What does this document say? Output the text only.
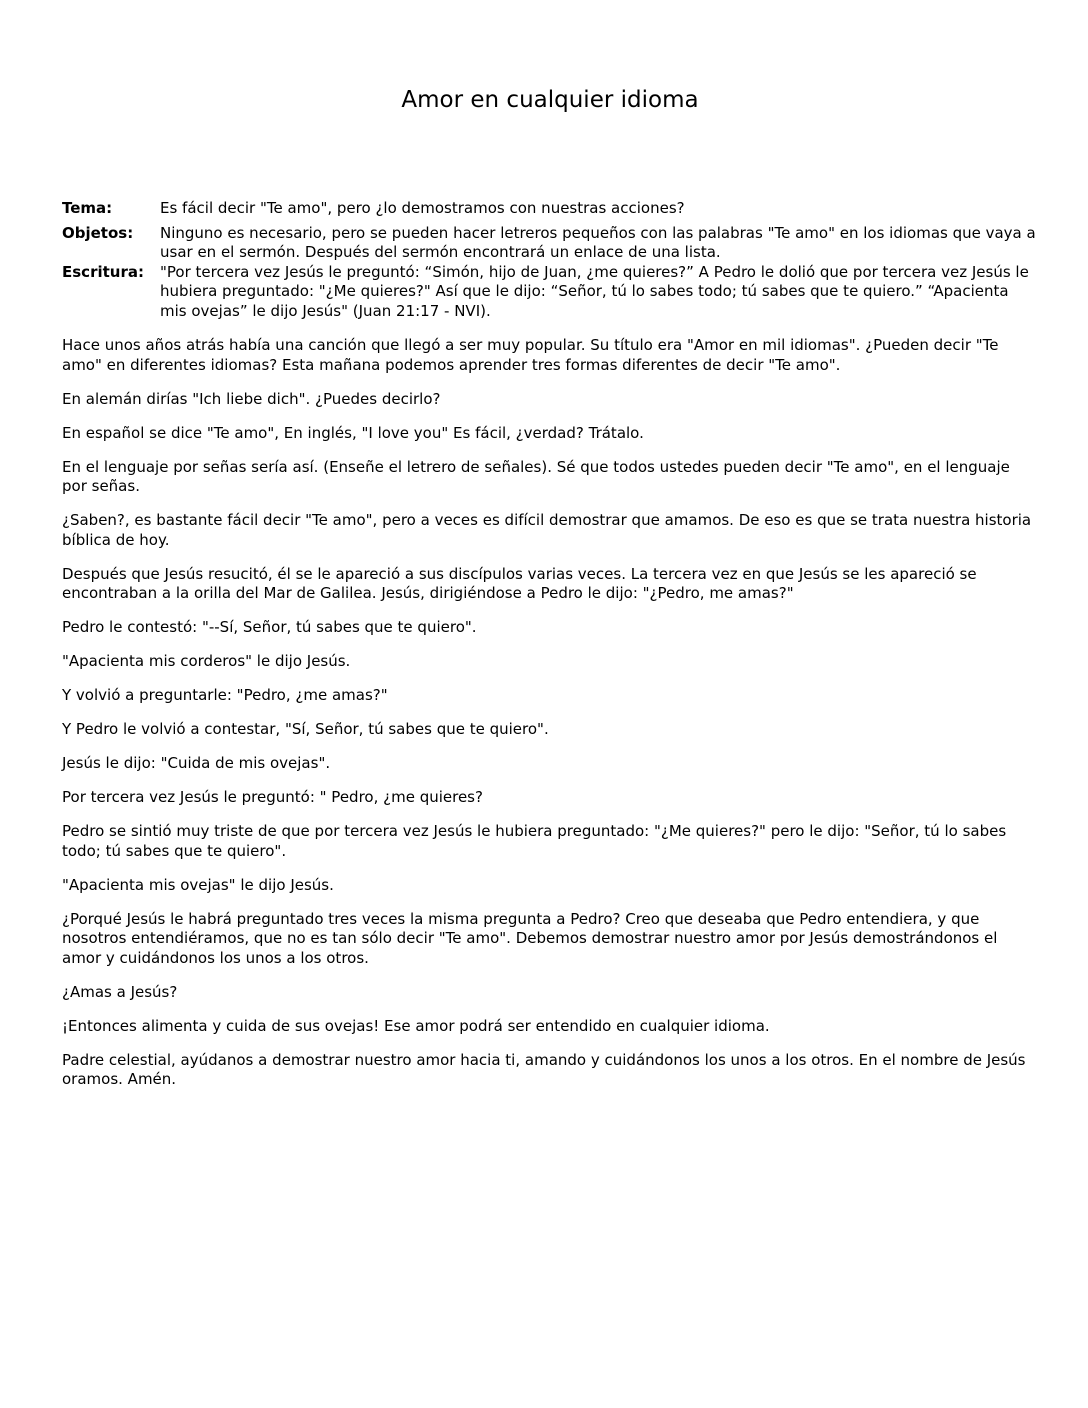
Amor en cualquier idioma
Tema:	Es fácil decir "Te amo", pero ¿lo demostramos con nuestras acciones?
Objetos:	Ninguno es necesario, pero se pueden hacer letreros pequeños con las palabras "Te amo" en los idiomas que vaya a usar en el sermón. Después del sermón encontrará un enlace de una lista.
Escritura:	"Por tercera vez Jesús le preguntó: “Simón, hijo de Juan, ¿me quieres?” A Pedro le dolió que por tercera vez Jesús le hubiera preguntado: "¿Me quieres?" Así que le dijo: “Señor, tú lo sabes todo; tú sabes que te quiero.” “Apacienta mis ovejas” le dijo Jesús" (Juan 21:17 - NVI).

Hace unos años atrás había una canción que llegó a ser muy popular. Su título era "Amor en mil idiomas". ¿Pueden decir "Te amo" en diferentes idiomas? Esta mañana podemos aprender tres formas diferentes de decir "Te amo".

En alemán dirías "Ich liebe dich". ¿Puedes decirlo?

En español se dice "Te amo", En inglés, "I love you" Es fácil, ¿verdad? Trátalo.

En el lenguaje por señas sería así. (Enseñe el letrero de señales). Sé que todos ustedes pueden decir "Te amo", en el lenguaje por señas.

¿Saben?, es bastante fácil decir "Te amo", pero a veces es difícil demostrar que amamos. De eso es que se trata nuestra historia bíblica de hoy.

Después que Jesús resucitó, él se le apareció a sus discípulos varias veces. La tercera vez en que Jesús se les apareció se encontraban a la orilla del Mar de Galilea. Jesús, dirigiéndose a Pedro le dijo: "¿Pedro, me amas?"

Pedro le contestó: "--Sí, Señor, tú sabes que te quiero".

"Apacienta mis corderos" le dijo Jesús.

Y volvió a preguntarle: "Pedro, ¿me amas?"

Y Pedro le volvió a contestar, "Sí, Señor, tú sabes que te quiero".

Jesús le dijo: "Cuida de mis ovejas".

Por tercera vez Jesús le preguntó: " Pedro, ¿me quieres?

Pedro se sintió muy triste de que por tercera vez Jesús le hubiera preguntado: "¿Me quieres?" pero le dijo: "Señor, tú lo sabes todo; tú sabes que te quiero".

"Apacienta mis ovejas" le dijo Jesús.

¿Porqué Jesús le habrá preguntado tres veces la misma pregunta a Pedro? Creo que deseaba que Pedro entendiera, y que nosotros entendiéramos, que no es tan sólo decir "Te amo". Debemos demostrar nuestro amor por Jesús demostrándonos el amor y cuidándonos los unos a los otros.

¿Amas a Jesús?

¡Entonces alimenta y cuida de sus ovejas! Ese amor podrá ser entendido en cualquier idioma.

Padre celestial, ayúdanos a demostrar nuestro amor hacia ti, amando y cuidándonos los unos a los otros. En el nombre de Jesús oramos. Amén.
